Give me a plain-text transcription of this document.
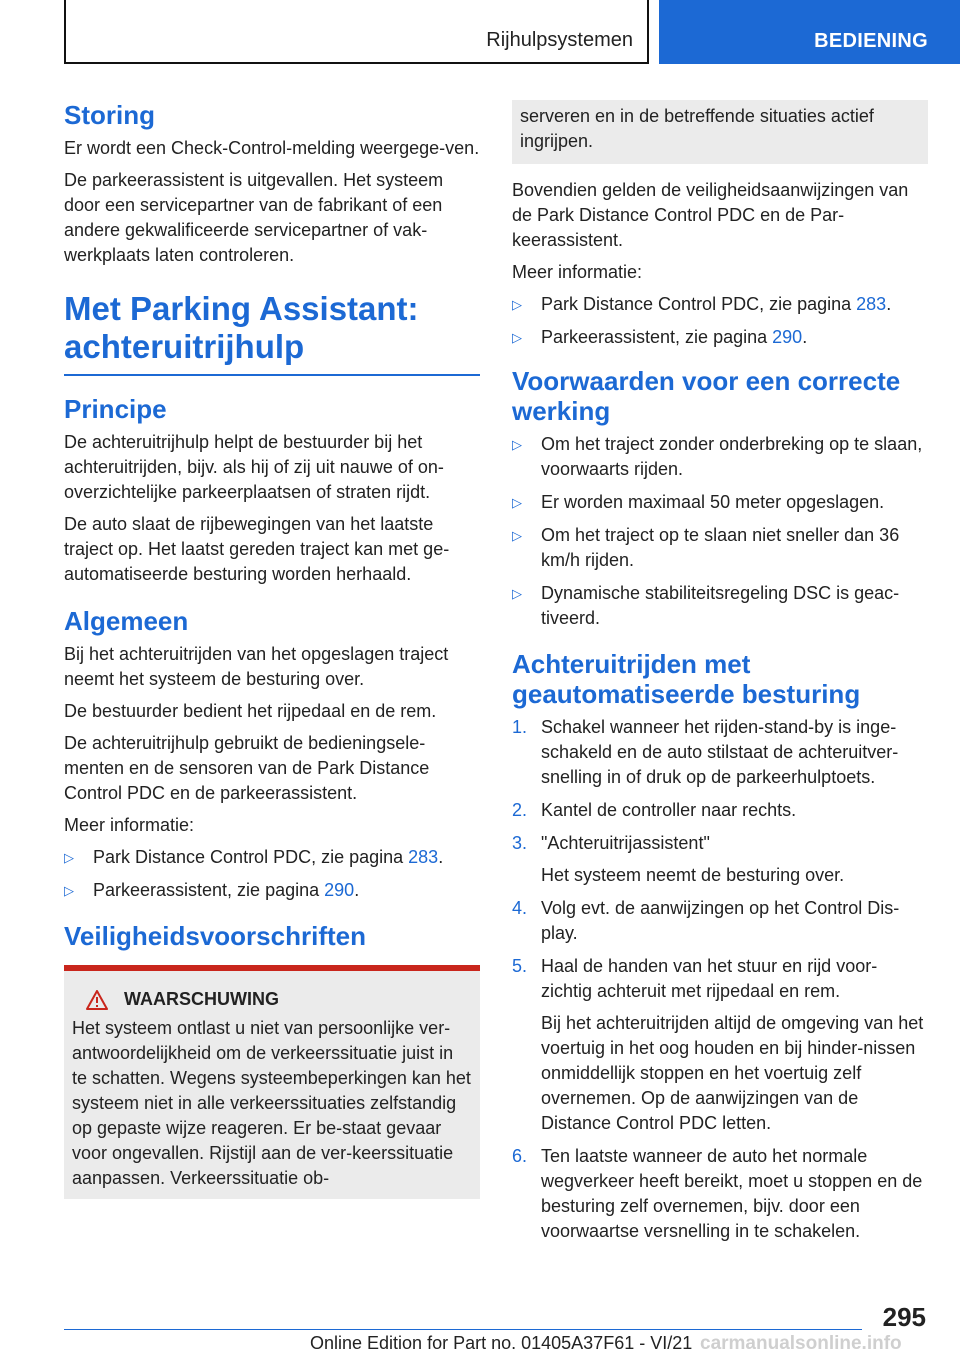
Rijhulpsystemen	BEDIENING
Storing

Er wordt een Check-Control-melding weergege-ven.

De parkeerassistent is uitgevallen. Het systeem door een servicepartner van de fabrikant of een andere gekwalificeerde servicepartner of vak-werkplaats laten controleren.

Met Parking Assistant: achteruitrijhulp
Principe

De achteruitrijhulp helpt de bestuurder bij het achteruitrijden, bijv. als hij of zij uit nauwe of on-overzichtelijke parkeerplaatsen of straten rijdt.

De auto slaat de rijbewegingen van het laatste traject op. Het laatst gereden traject kan met ge-automatiseerde besturing worden herhaald.

Algemeen

Bij het achteruitrijden van het opgeslagen traject neemt het systeem de besturing over.

De bestuurder bedient het rijpedaal en de rem.

De achteruitrijhulp gebruikt de bedieningsele-menten en de sensoren van de Park Distance Control PDC en de parkeerassistent.

Meer informatie:

▷ Park Distance Control PDC, zie pagina 283.
▷ Parkeerassistent, zie pagina 290.
Veiligheidsvoorschriften
WAARSCHUWING

Het systeem ontlast u niet van persoonlijke ver-antwoordelijkheid om de verkeerssituatie juist in te schatten. Wegens systeembeperkingen kan het systeem niet in alle verkeerssituaties zelfstandig op gepaste wijze reageren. Er be-staat gevaar voor ongevallen. Rijstijl aan de ver-keerssituatie aanpassen. Verkeerssituatie ob-

serveren en in de betreffende situaties actief ingrijpen.

Bovendien gelden de veiligheidsaanwijzingen van de Park Distance Control PDC en de Par-keerassistent.

Meer informatie:

▷ Park Distance Control PDC, zie pagina 283.
▷ Parkeerassistent, zie pagina 290.
Voorwaarden voor een correcte werking
▷ Om het traject zonder onderbreking op te slaan, voorwaarts rijden.
▷ Er worden maximaal 50 meter opgeslagen.
▷ Om het traject op te slaan niet sneller dan 36 km/h rijden.
▷ Dynamische stabiliteitsregeling DSC is geac-tiveerd.
Achteruitrijden met geautomatiseerde besturing
1. Schakel wanneer het rijden-stand-by is inge-schakeld en de auto stilstaat de achteruitver-snelling in of druk op de parkeerhulptoets.
2. Kantel de controller naar rechts.
3. "Achteruitrijassistent"
Het systeem neemt de besturing over.
4. Volg evt. de aanwijzingen op het Control Dis-play.
5. Haal de handen van het stuur en rijd voor-zichtig achteruit met rijpedaal en rem.
Bij het achteruitrijden altijd de omgeving van het voertuig in het oog houden en bij hinder-nissen onmiddellijk stoppen en het voertuig zelf overnemen. Op de aanwijzingen van de Distance Control PDC letten.
6. Ten laatste wanneer de auto het normale wegverkeer heeft bereikt, moet u stoppen en de besturing zelf overnemen, bijv. door een voorwaartse versnelling in te schakelen.
295
Online Edition for Part no. 01405A37F61 - VI/21 carmanualsonline.info
